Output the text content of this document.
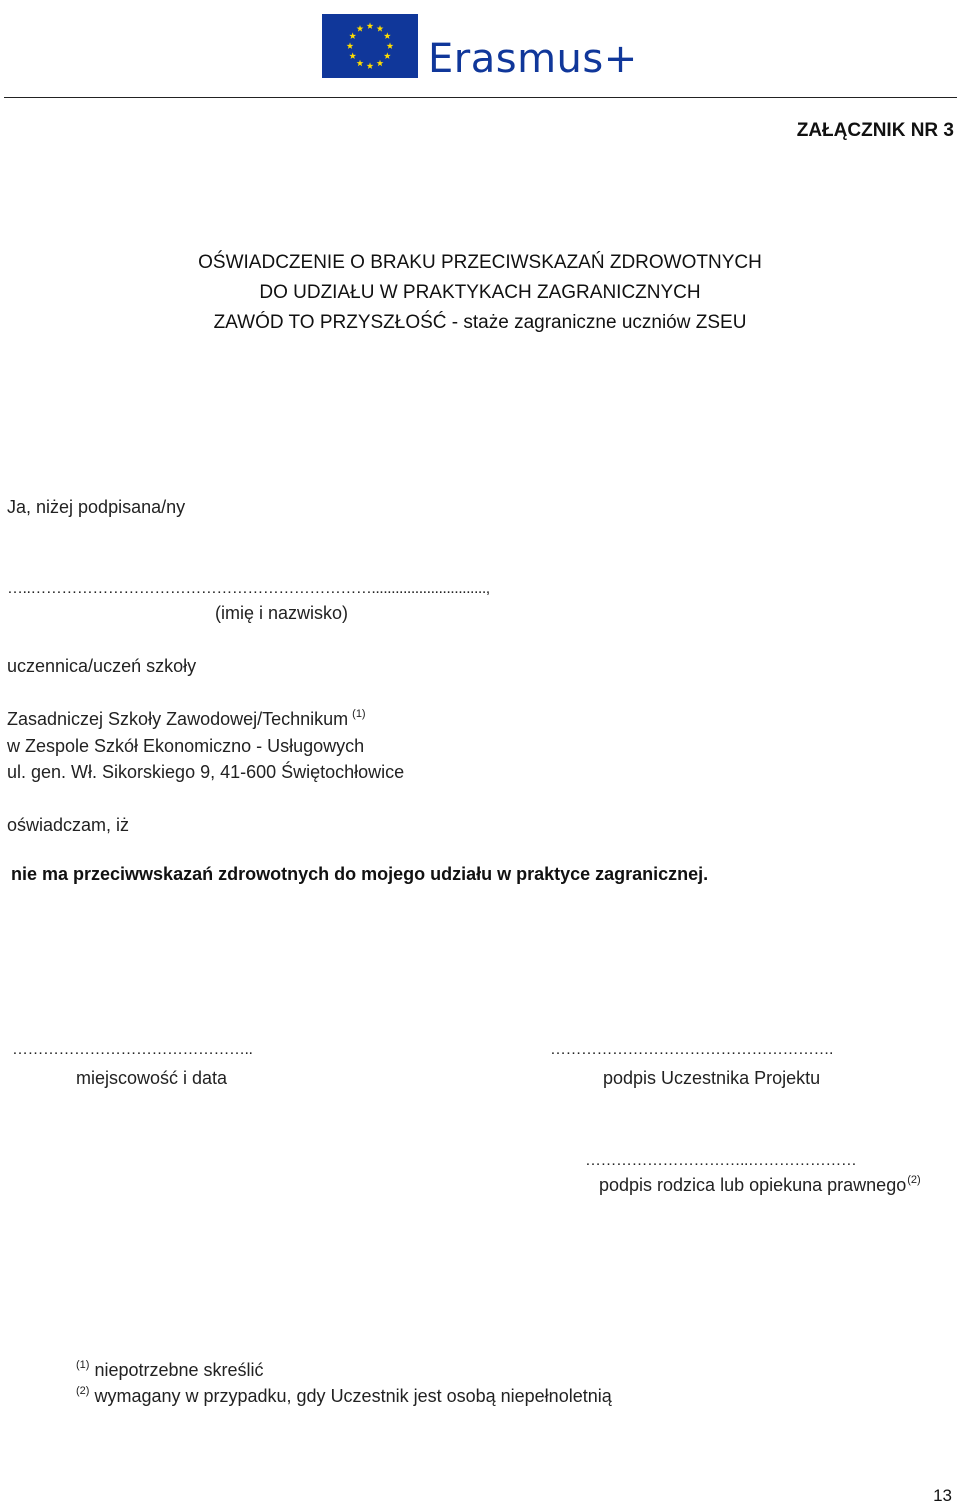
Erasmus+
ZAŁĄCZNIK NR 3
OŚWIADCZENIE O BRAKU PRZECIWSKAZAŃ ZDROWOTNYCH
DO UDZIAŁU W PRAKTYKACH ZAGRANICZNYCH
ZAWÓD TO PRZYSZŁOŚĆ - staże zagraniczne uczniów ZSEU
Ja, niżej podpisana/ny
…..………………………………………………………….............................,
(imię i nazwisko)
uczennica/uczeń szkoły
Zasadniczej Szkoły Zawodowej/Technikum $^{(1)}$
w Zespole Szkół Ekonomiczno - Usługowych
ul. gen. Wł. Sikorskiego 9, 41-600 Świętochłowice
oświadczam, iż
nie ma przeciwwskazań zdrowotnych do mojego udziału w praktyce zagranicznej.
………………………………………..
miejscowość i data
……………………………………………….
podpis Uczestnika Projektu
…………………………..…………………
podpis rodzica lub opiekuna prawnego$^{(2)}$
$^{(1)}$ niepotrzebne skreślić
$^{(2)}$ wymagany w przypadku, gdy Uczestnik jest osobą niepełnoletnią
13
